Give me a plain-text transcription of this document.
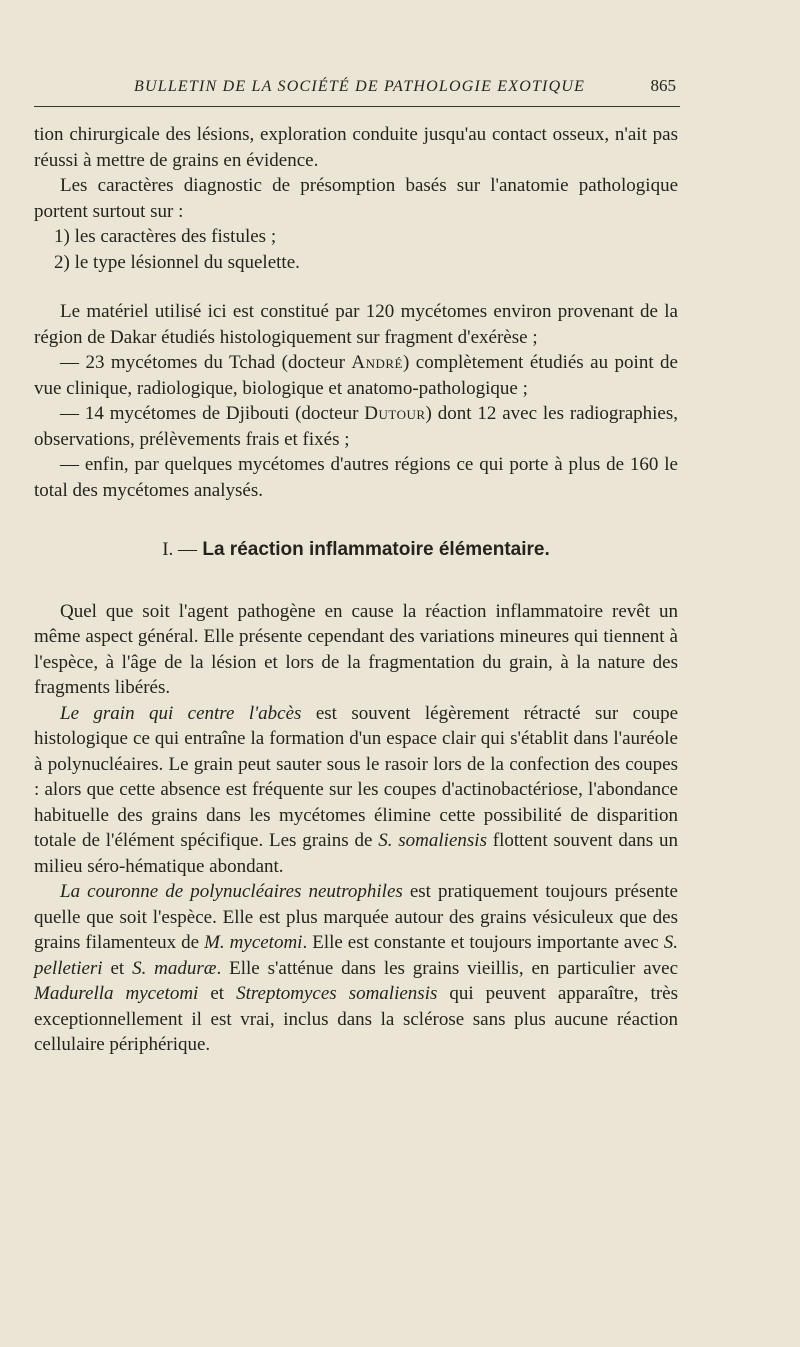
BULLETIN DE LA SOCIÉTÉ DE PATHOLOGIE EXOTIQUE	865

tion chirurgicale des lésions, exploration conduite jusqu'au contact osseux, n'ait pas réussi à mettre de grains en évidence.

Les caractères diagnostic de présomption basés sur l'anatomie pathologique portent surtout sur :

1) les caractères des fistules ;

2) le type lésionnel du squelette.

Le matériel utilisé ici est constitué par 120 mycétomes environ provenant de la région de Dakar étudiés histologiquement sur fragment d'exérèse ;

— 23 mycétomes du Tchad (docteur André) complètement étudiés au point de vue clinique, radiologique, biologique et anatomo-pathologique ;

— 14 mycétomes de Djibouti (docteur Dutour) dont 12 avec les radiographies, observations, prélèvements frais et fixés ;

— enfin, par quelques mycétomes d'autres régions ce qui porte à plus de 160 le total des mycétomes analysés.

I. — La réaction inflammatoire élémentaire.

Quel que soit l'agent pathogène en cause la réaction inflammatoire revêt un même aspect général. Elle présente cependant des variations mineures qui tiennent à l'espèce, à l'âge de la lésion et lors de la fragmentation du grain, à la nature des fragments libérés.

Le grain qui centre l'abcès est souvent légèrement rétracté sur coupe histologique ce qui entraîne la formation d'un espace clair qui s'établit dans l'auréole à polynucléaires. Le grain peut sauter sous le rasoir lors de la confection des coupes : alors que cette absence est fréquente sur les coupes d'actinobactériose, l'abondance habituelle des grains dans les mycétomes élimine cette possibilité de disparition totale de l'élément spécifique. Les grains de S. somaliensis flottent souvent dans un milieu séro-hématique abondant.

La couronne de polynucléaires neutrophiles est pratiquement toujours présente quelle que soit l'espèce. Elle est plus marquée autour des grains vésiculeux que des grains filamenteux de M. mycetomi. Elle est constante et toujours importante avec S. pelletieri et S. maduræ. Elle s'atténue dans les grains vieillis, en particulier avec Madurella mycetomi et Streptomyces somaliensis qui peuvent apparaître, très exceptionnellement il est vrai, inclus dans la sclérose sans plus aucune réaction cellulaire périphérique.
